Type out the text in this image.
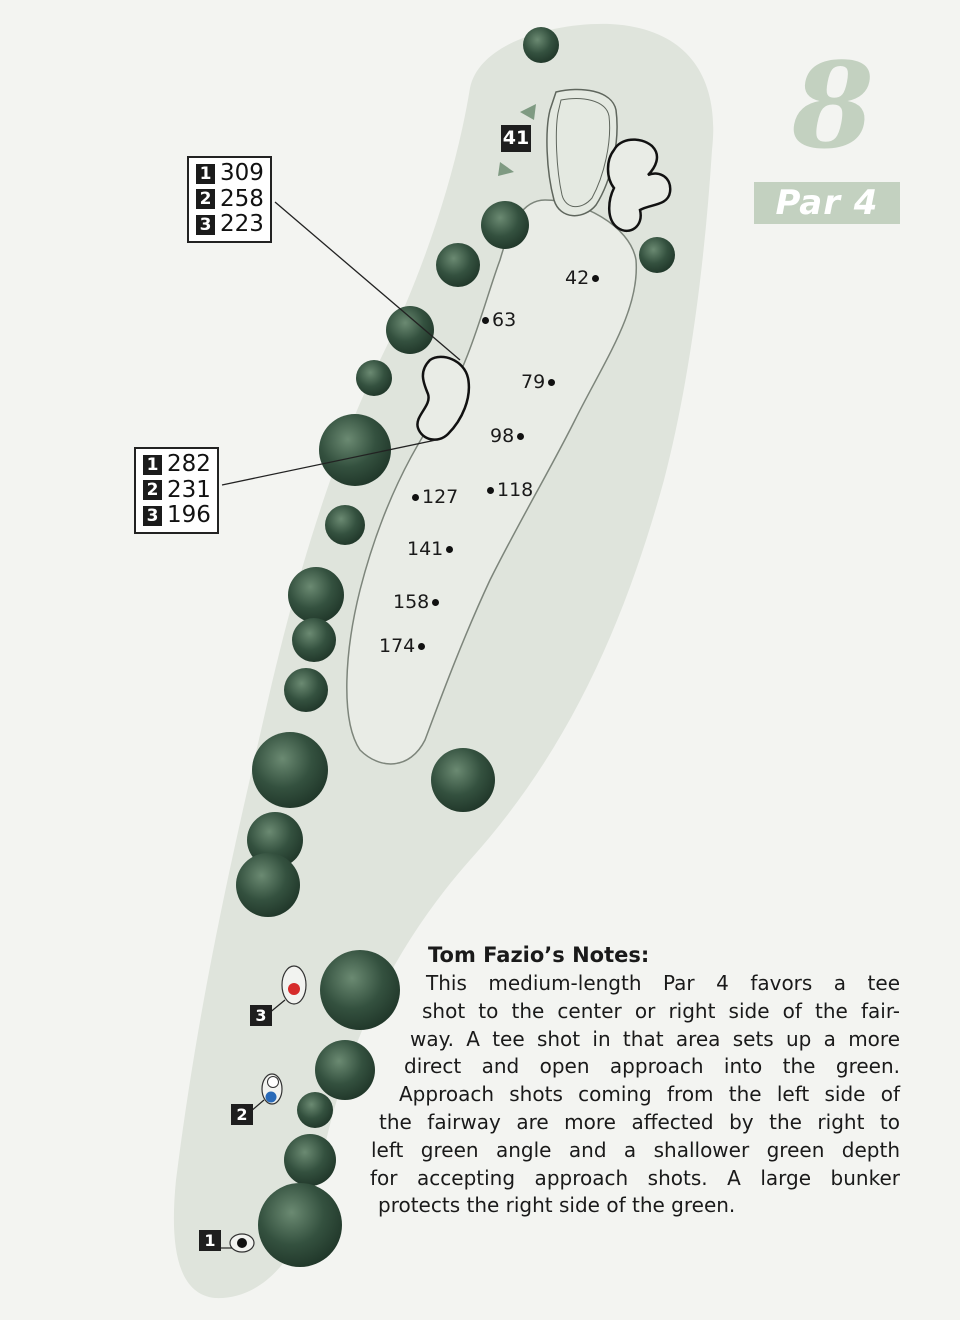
8
Par 4
1 309
2 258
3 223
1 282
2 231
3 196
41
42
63
79
98
118
127
141
158
174
3
2
1
Tom Fazio’s Notes:
This medium-length Par 4 favors a tee
shot to the center or right side of the fair-
way. A tee shot in that area sets up a more
direct and open approach into the green.
Approach shots coming from the left side of
the fairway are more affected by the right to
left green angle and a shallower green depth
for accepting approach shots. A large bunker
protects the right side of the green.
